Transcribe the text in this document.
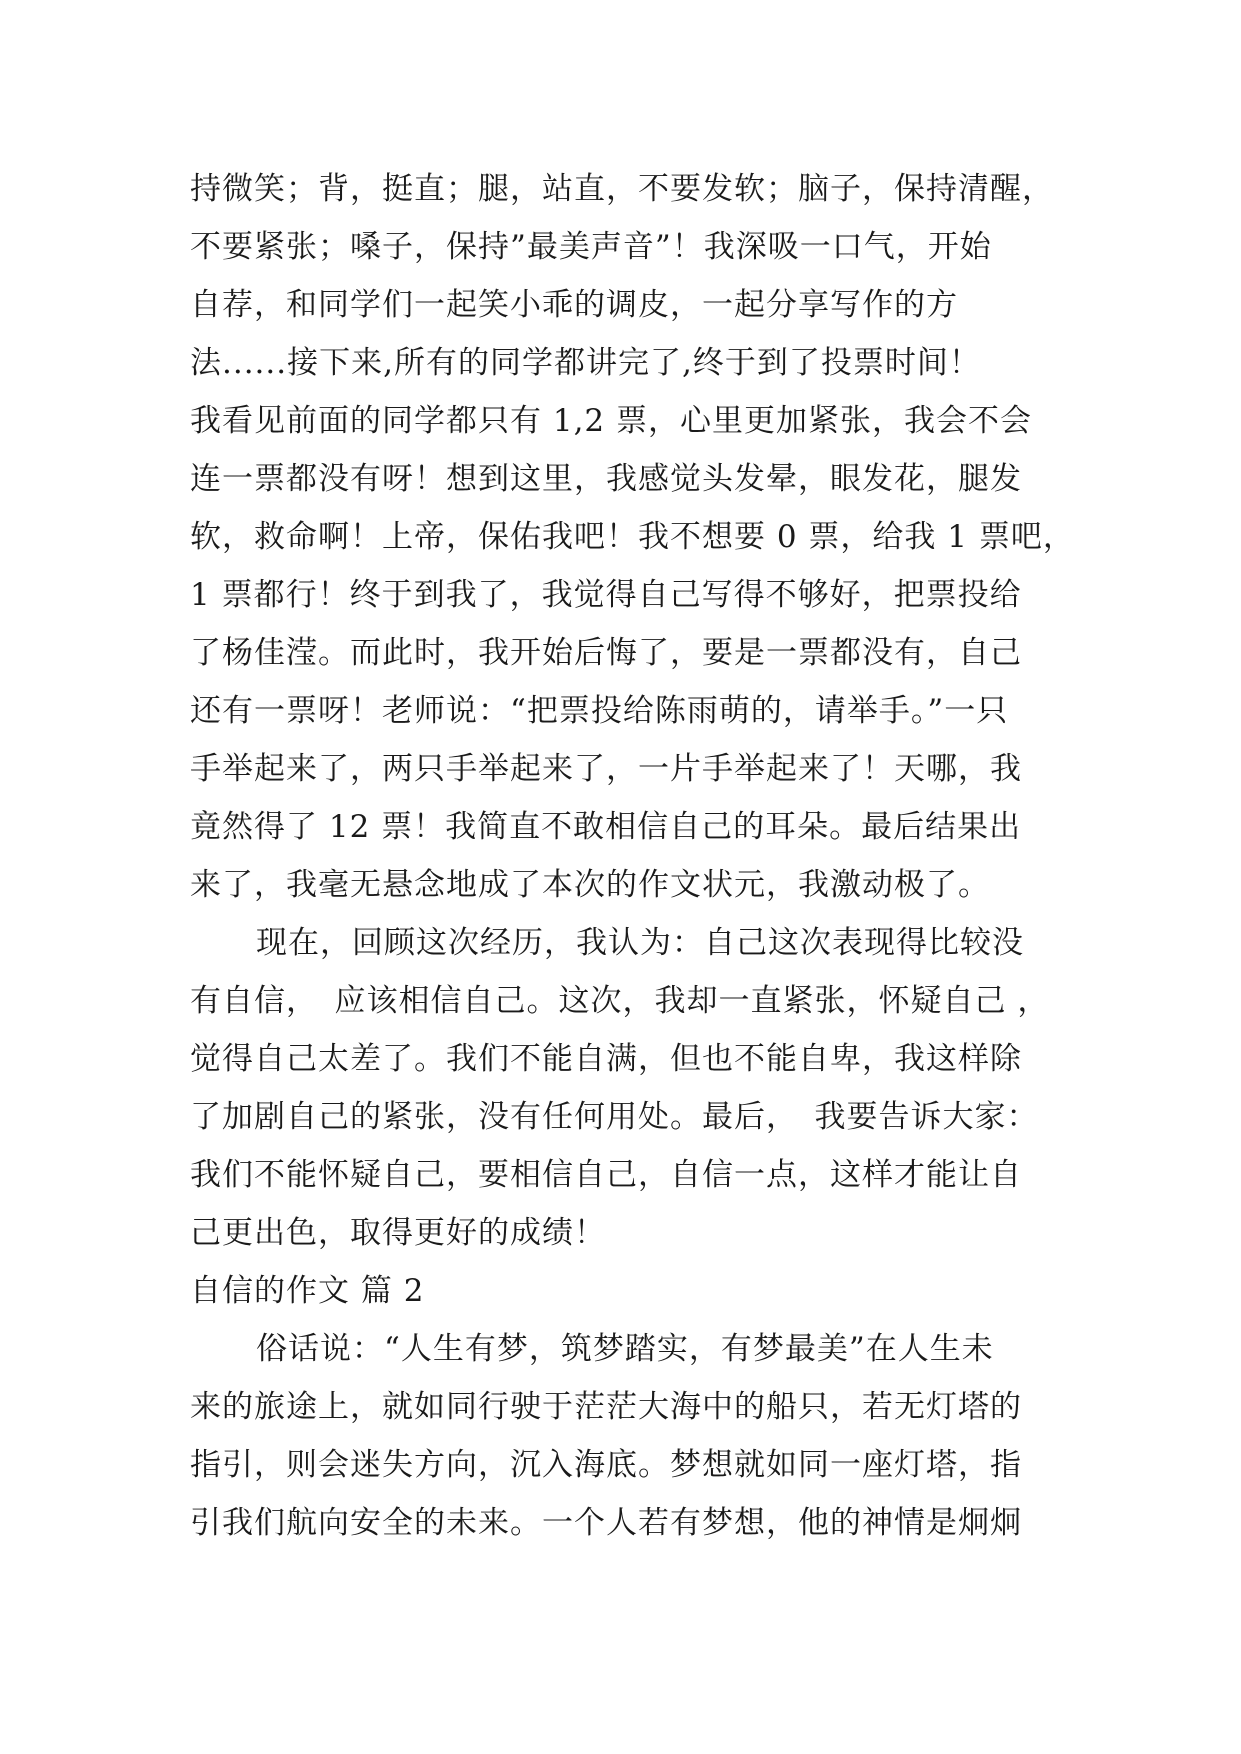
持微笑；背，挺直；腿，站直，不要发软；脑子，保持清醒，
不要紧张；嗓子，保持”最美声音”！我深吸一口气，开始
自荐，和同学们一起笑小乖的调皮，一起分享写作的方
法......接下来,所有的同学都讲完了,终于到了投票时间！
我看见前面的同学都只有 1,2 票，心里更加紧张，我会不会
连一票都没有呀！想到这里，我感觉头发晕，眼发花，腿发
软，救命啊！上帝，保佑我吧！我不想要 0 票，给我 1 票吧，
1 票都行！终于到我了，我觉得自己写得不够好，把票投给
了杨佳滢。而此时，我开始后悔了，要是一票都没有，自己
还有一票呀！老师说：“把票投给陈雨萌的，请举手。”一只
手举起来了，两只手举起来了，一片手举起来了！天哪，我
竟然得了 12 票！我简直不敢相信自己的耳朵。最后结果出
来了，我毫无悬念地成了本次的作文状元，我激动极了。
现在，回顾这次经历，我认为：自己这次表现得比较没
有自信，　应该相信自己。这次，我却一直紧张，怀疑自己 ，
觉得自己太差了。我们不能自满，但也不能自卑，我这样除
了加剧自己的紧张，没有任何用处。最后，　我要告诉大家：
我们不能怀疑自己，要相信自己，自信一点，这样才能让自
己更出色，取得更好的成绩！
自信的作文 篇 2
俗话说：“人生有梦，筑梦踏实，有梦最美”在人生未
来的旅途上，就如同行驶于茫茫大海中的船只，若无灯塔的
指引，则会迷失方向，沉入海底。梦想就如同一座灯塔，指
引我们航向安全的未来。一个人若有梦想，他的神情是炯炯
